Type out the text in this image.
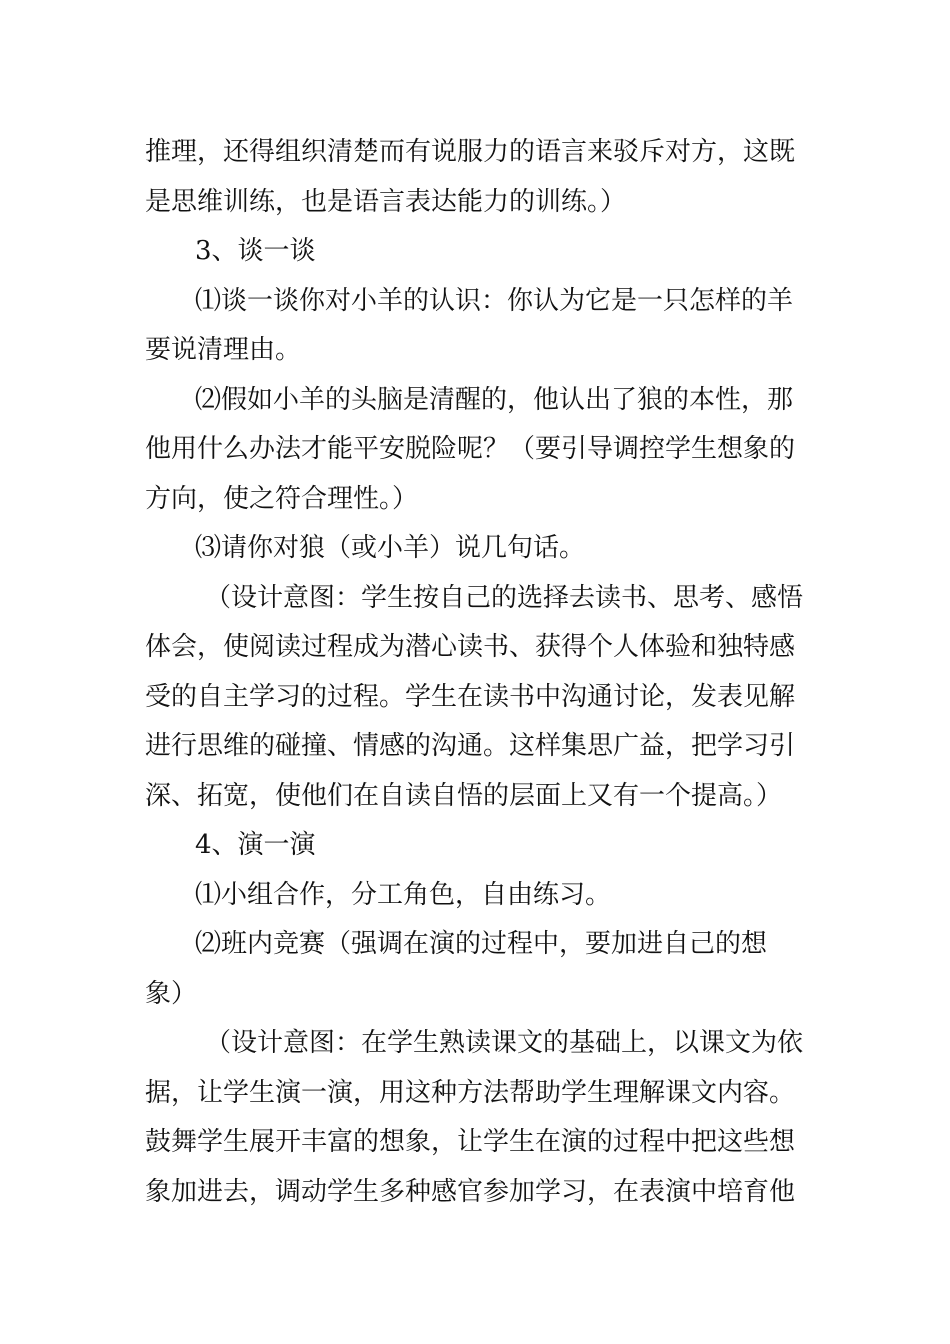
推理，还得组织清楚而有说服力的语言来驳斥对方，这既
是思维训练，也是语言表达能力的训练。）
3、谈一谈
⑴谈一谈你对小羊的认识：你认为它是一只怎样的羊
要说清理由。
⑵假如小羊的头脑是清醒的，他认出了狼的本性，那
他用什么办法才能平安脱险呢？（要引导调控学生想象的
方向，使之符合理性。）
⑶请你对狼（或小羊）说几句话。
（设计意图：学生按自己的选择去读书、思考、感悟
体会，使阅读过程成为潜心读书、获得个人体验和独特感
受的自主学习的过程。学生在读书中沟通讨论，发表见解
进行思维的碰撞、情感的沟通。这样集思广益，把学习引
深、拓宽，使他们在自读自悟的层面上又有一个提高。）
4、演一演
⑴小组合作，分工角色，自由练习。
⑵班内竞赛（强调在演的过程中，要加进自己的想
象）
（设计意图：在学生熟读课文的基础上，以课文为依
据，让学生演一演，用这种方法帮助学生理解课文内容。
鼓舞学生展开丰富的想象，让学生在演的过程中把这些想
象加进去，调动学生多种感官参加学习，在表演中培育他
